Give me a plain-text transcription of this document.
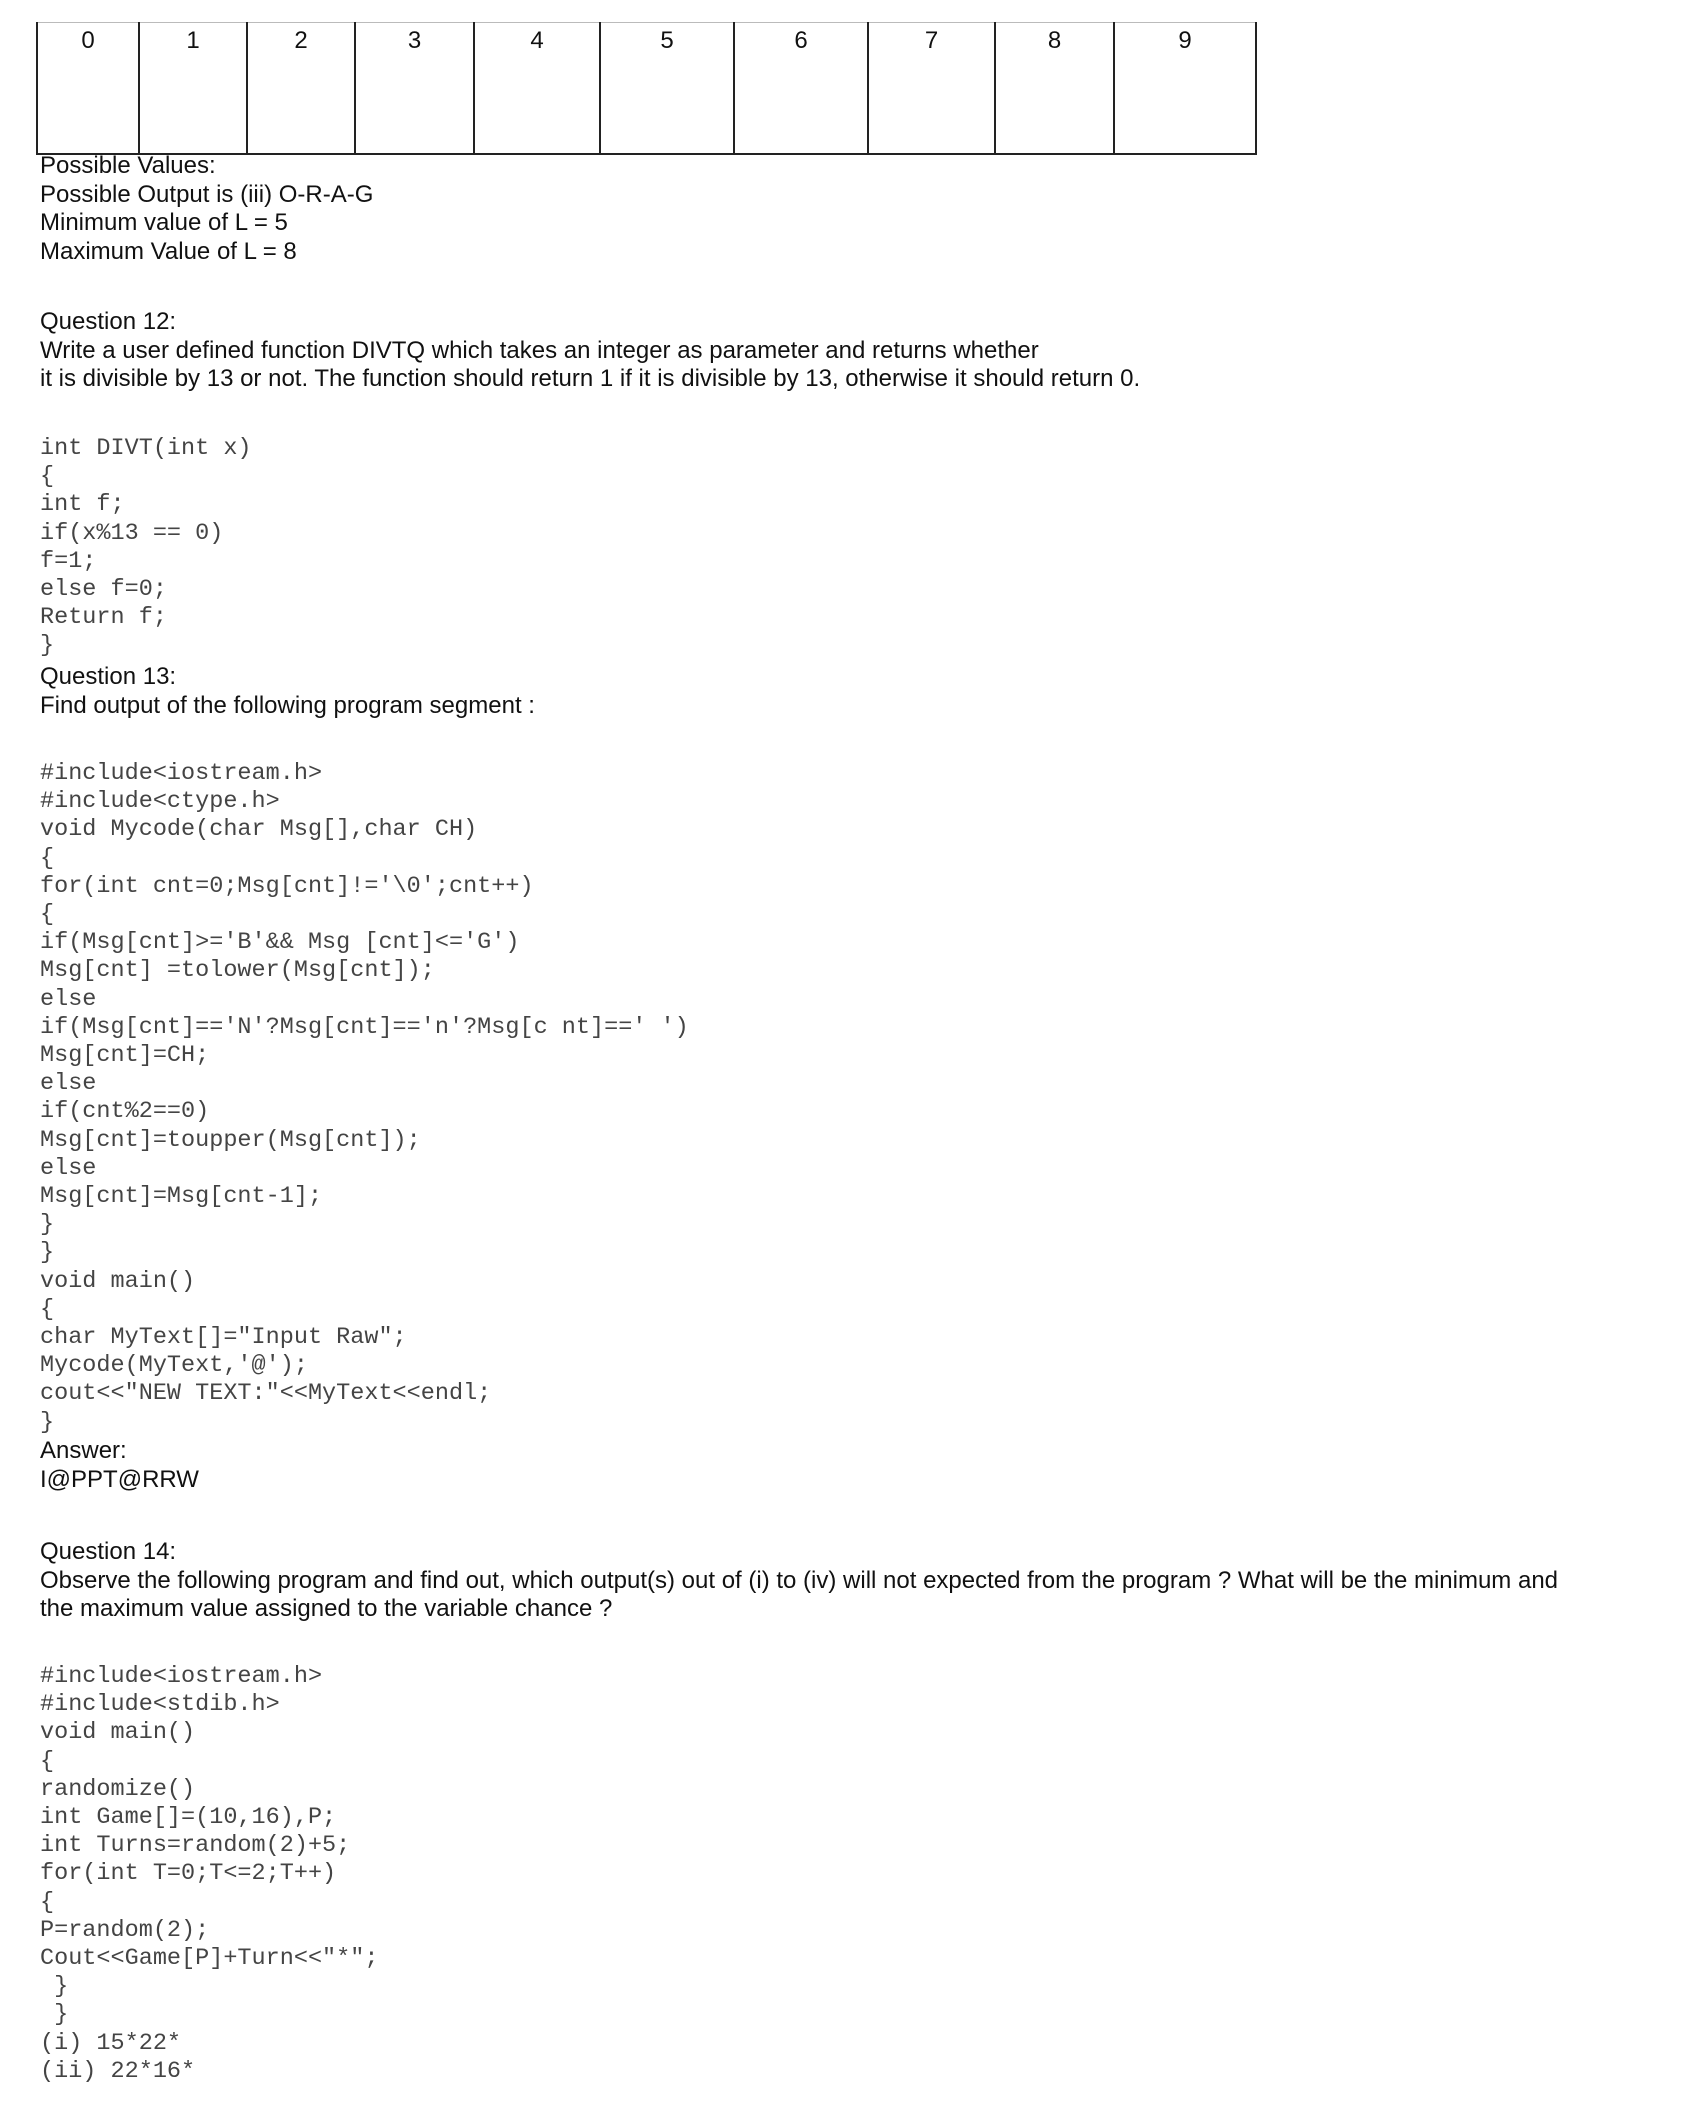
0	1	2	3	4	5	6	7	8	9

Possible Values:

Possible Output is (iii) O-R-A-G

Minimum value of L = 5

Maximum Value of L = 8

Question 12:

Write a user defined function DIVTQ which takes an integer as parameter and returns whether

it is divisible by 13 or not. The function should return 1 if it is divisible by 13, otherwise it should return 0.

int DIVT(int x)

{

int f;

if(x%13 == 0)

f=1;

else f=0;

Return f;

}

Question 13:

Find output of the following program segment :

#include<iostream.h>

#include<ctype.h>

void Mycode(char Msg[],char CH)

{

for(int cnt=0;Msg[cnt]!='\0';cnt++)

{

if(Msg[cnt]>='B'&& Msg [cnt]<='G')

Msg[cnt] =tolower(Msg[cnt]);

else

if(Msg[cnt]=='N'?Msg[cnt]=='n'?Msg[c nt]==' ')

Msg[cnt]=CH;

else

if(cnt%2==0)

Msg[cnt]=toupper(Msg[cnt]);

else

Msg[cnt]=Msg[cnt-1];

}

}

void main()

{

char MyText[]="Input Raw";

Mycode(MyText,'@');

cout<<"NEW TEXT:"<<MyText<<endl;

}

Answer:

I@PPT@RRW

Question 14:

Observe the following program and find out, which output(s) out of (i) to (iv) will not expected from the program ? What will be the minimum and

the maximum value assigned to the variable chance ?

#include<iostream.h>

#include<stdib.h>

void main()

{

randomize()

int Game[]=(10,16),P;

int Turns=random(2)+5;

for(int T=0;T<=2;T++)

{

P=random(2);

Cout<<Game[P]+Turn<<"*";

}

}

(i) 15*22*

(ii) 22*16*
